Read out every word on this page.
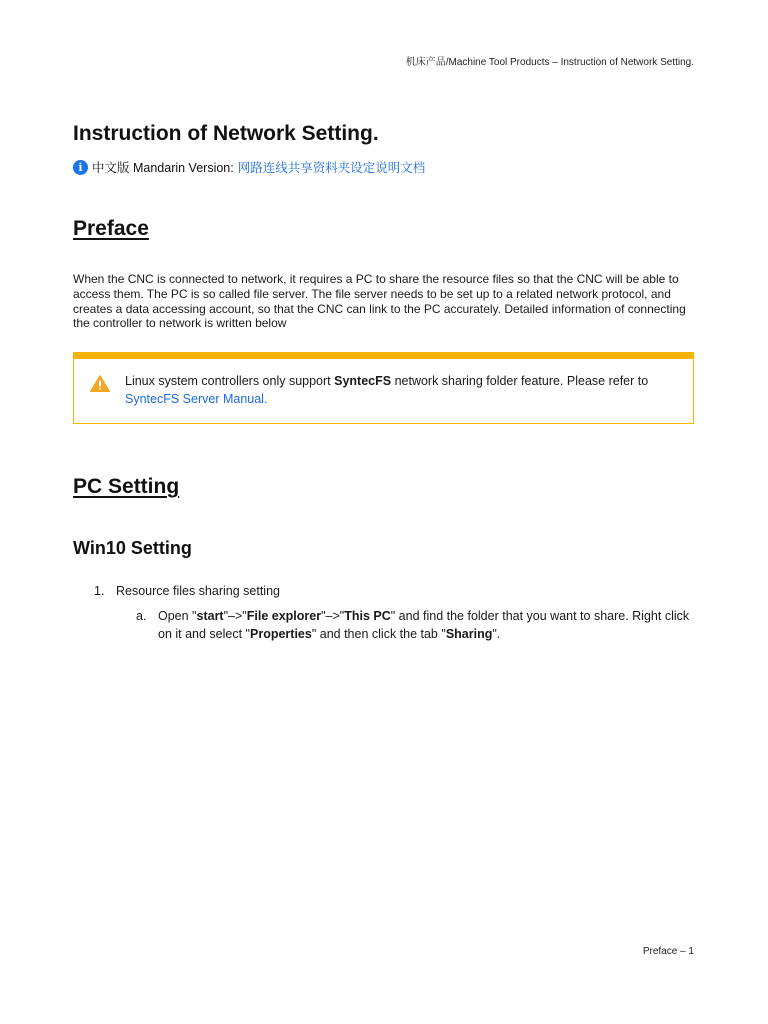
机床产品/Machine Tool Products – Instruction of Network Setting.
Instruction of Network Setting.
i 中文版 Mandarin Version: 网路连线共享资料夹设定说明文档
Preface

When the CNC is connected to network, it requires a PC to share the resource files so that the CNC will be able to access them. The PC is so called file server. The file server needs to be set up to a related network protocol, and creates a data accessing account, so that the CNC can link to the PC accurately. Detailed information of connecting the controller to network is written below

Linux system controllers only support SyntecFS network sharing folder feature. Please refer to SyntecFS Server Manual.
PC Setting
Win10 Setting
1. Resource files sharing setting
a. Open "start"–>"File explorer"–>"This PC" and find the folder that you want to share. Right click on it and select "Properties" and then click the tab "Sharing".
Preface – 1
